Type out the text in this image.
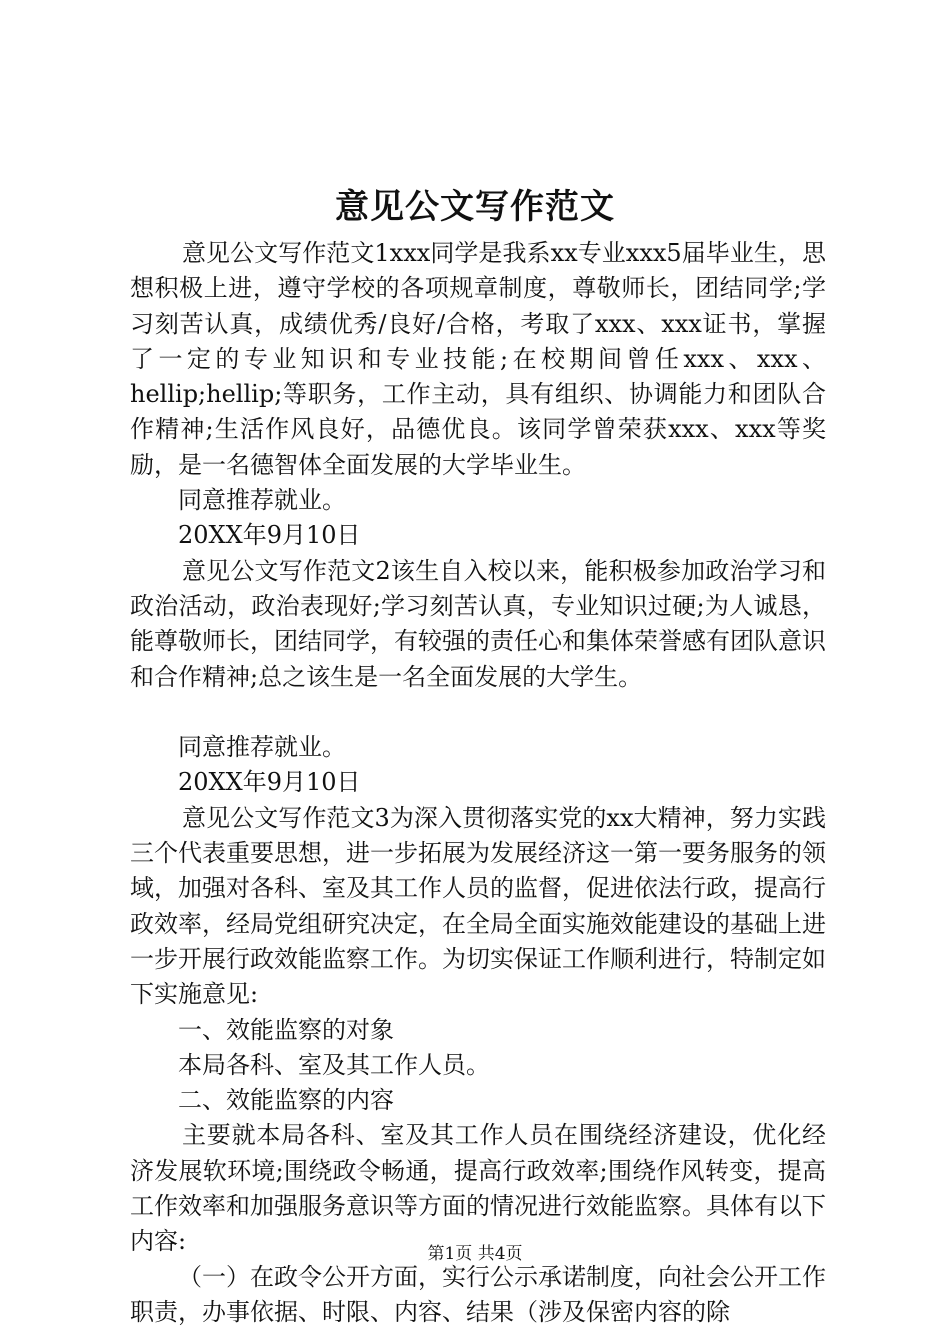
意见公文写作范文

意见公文写作范文1xxx同学是我系xx专业xxx5届毕业生，思想积极上进，遵守学校的各项规章制度，尊敬师长，团结同学;学习刻苦认真，成绩优秀/良好/合格，考取了xxx、xxx证书，掌握了一定的专业知识和专业技能;在校期间曾任xxx、xxx、hellip;hellip;等职务，工作主动，具有组织、协调能力和团队合作精神;生活作风良好，品德优良。该同学曾荣获xxx、xxx等奖励，是一名德智体全面发展的大学毕业生。

同意推荐就业。

20XX年9月10日

意见公文写作范文2该生自入校以来，能积极参加政治学习和政治活动，政治表现好;学习刻苦认真，专业知识过硬;为人诚恳，能尊敬师长，团结同学，有较强的责任心和集体荣誉感有团队意识和合作精神;总之该生是一名全面发展的大学生。

同意推荐就业。

20XX年9月10日

意见公文写作范文3为深入贯彻落实党的xx大精神，努力实践三个代表重要思想，进一步拓展为发展经济这一第一要务服务的领域，加强对各科、室及其工作人员的监督，促进依法行政，提高行政效率，经局党组研究决定，在全局全面实施效能建设的基础上进一步开展行政效能监察工作。为切实保证工作顺利进行，特制定如下实施意见:

一、效能监察的对象

本局各科、室及其工作人员。

二、效能监察的内容

主要就本局各科、室及其工作人员在围绕经济建设，优化经济发展软环境;围绕政令畅通，提高行政效率;围绕作风转变，提高工作效率和加强服务意识等方面的情况进行效能监察。具体有以下内容:

（一）在政令公开方面，实行公示承诺制度，向社会公开工作职责，办事依据、时限、内容、结果（涉及保密内容的除

第1页 共4页
